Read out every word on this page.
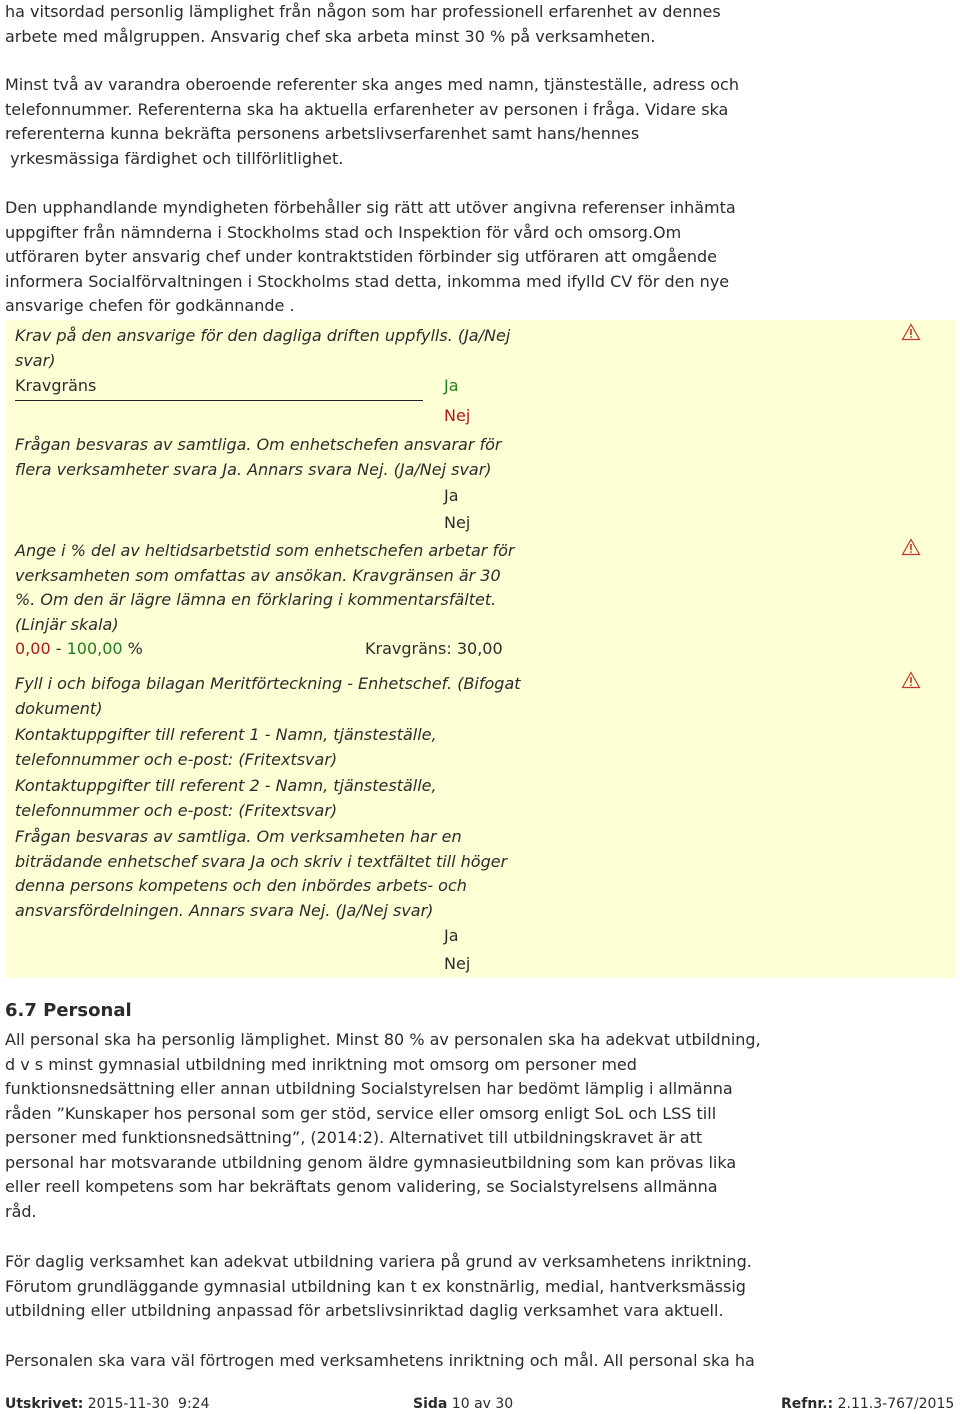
ha vitsordad personlig lämplighet från någon som har professionell erfarenhet av dennes
arbete med målgruppen. Ansvarig chef ska arbeta minst 30 % på verksamheten.
Minst två av varandra oberoende referenter ska anges med namn, tjänsteställe, adress och
telefonnummer. Referenterna ska ha aktuella erfarenheter av personen i fråga. Vidare ska
referenterna kunna bekräfta personens arbetslivserfarenhet samt hans/hennes
yrkesmässiga färdighet och tillförlitlighet.
Den upphandlande myndigheten förbehåller sig rätt att utöver angivna referenser inhämta
uppgifter från nämnderna i Stockholms stad och Inspektion för vård och omsorg.Om
utföraren byter ansvarig chef under kontraktstiden förbinder sig utföraren att omgående
informera Socialförvaltningen i Stockholms stad detta, inkomma med ifylld CV för den nye
ansvarige chefen för godkännande .
Krav på den ansvarige för den dagliga driften uppfylls. (Ja/Nej
svar)
Kravgräns	Ja
Nej
Frågan besvaras av samtliga. Om enhetschefen ansvarar för
flera verksamheter svara Ja. Annars svara Nej. (Ja/Nej svar)
Ja
Nej
Ange i % del av heltidsarbetstid som enhetschefen arbetar för
verksamheten som omfattas av ansökan. Kravgränsen är 30
%. Om den är lägre lämna en förklaring i kommentarsfältet.
(Linjär skala)
0,00 - 100,00 %	Kravgräns: 30,00
Fyll i och bifoga bilagan Meritförteckning - Enhetschef. (Bifogat
dokument)
Kontaktuppgifter till referent 1 - Namn, tjänsteställe,
telefonnummer och e-post: (Fritextsvar)
Kontaktuppgifter till referent 2 - Namn, tjänsteställe,
telefonnummer och e-post: (Fritextsvar)
Frågan besvaras av samtliga. Om verksamheten har en
biträdande enhetschef svara Ja och skriv i textfältet till höger
denna persons kompetens och den inbördes arbets- och
ansvarsfördelningen. Annars svara Nej. (Ja/Nej svar)
Ja
Nej
6.7 Personal
All personal ska ha personlig lämplighet. Minst 80 % av personalen ska ha adekvat utbildning,
d v s minst gymnasial utbildning med inriktning mot omsorg om personer med
funktionsnedsättning eller annan utbildning Socialstyrelsen har bedömt lämplig i allmänna
råden ”Kunskaper hos personal som ger stöd, service eller omsorg enligt SoL och LSS till
personer med funktionsnedsättning”, (2014:2). Alternativet till utbildningskravet är att
personal har motsvarande utbildning genom äldre gymnasieutbildning som kan prövas lika
eller reell kompetens som har bekräftats genom validering, se Socialstyrelsens allmänna
råd.
För daglig verksamhet kan adekvat utbildning variera på grund av verksamhetens inriktning.
Förutom grundläggande gymnasial utbildning kan t ex konstnärlig, medial, hantverksmässig
utbildning eller utbildning anpassad för arbetslivsinriktad daglig verksamhet vara aktuell.
Personalen ska vara väl förtrogen med verksamhetens inriktning och mål. All personal ska ha
Utskrivet: 2015-11-30  9:24	Sida 10 av 30	Refnr.: 2.11.3-767/2015
